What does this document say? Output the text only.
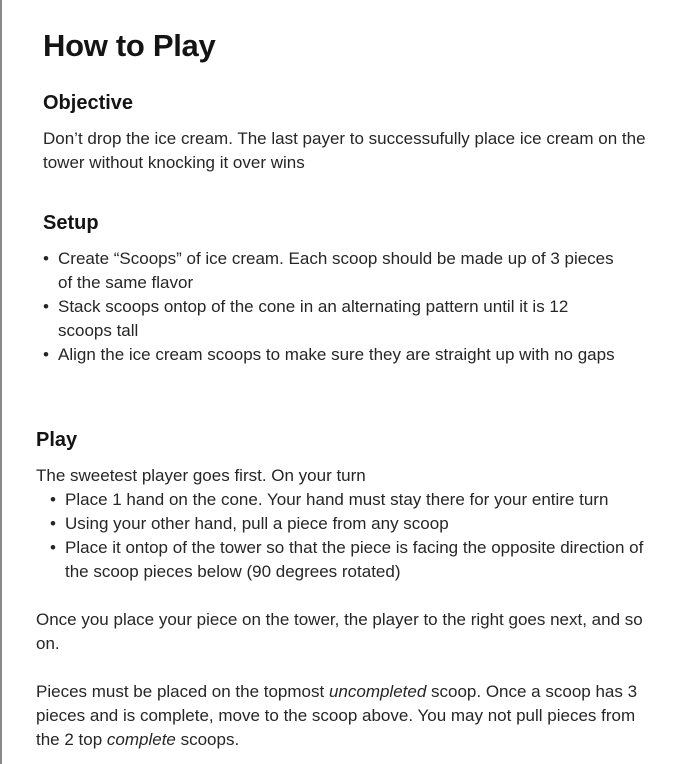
How to Play
Objective

Don’t drop the ice cream. The last payer to successufully place ice cream on the tower without knocking it over wins

Setup
• Create “Scoops” of ice cream. Each scoop should be made up of 3 pieces of the same flavor
• Stack scoops ontop of the cone in an alternating pattern until it is 12 scoops tall
• Align the ice cream scoops to make sure they are straight up with no gaps
Play

The sweetest player goes first. On your turn

• Place 1 hand on the cone. Your hand must stay there for your entire turn
• Using your other hand, pull a piece from any scoop
• Place it ontop of the tower so that the piece is facing the opposite direction of the scoop pieces below (90 degrees rotated)

Once you place your piece on the tower, the player to the right goes next, and so on.

Pieces must be placed on the topmost uncompleted scoop. Once a scoop has 3 pieces and is complete, move to the scoop above. You may not pull pieces from the 2 top complete scoops.
